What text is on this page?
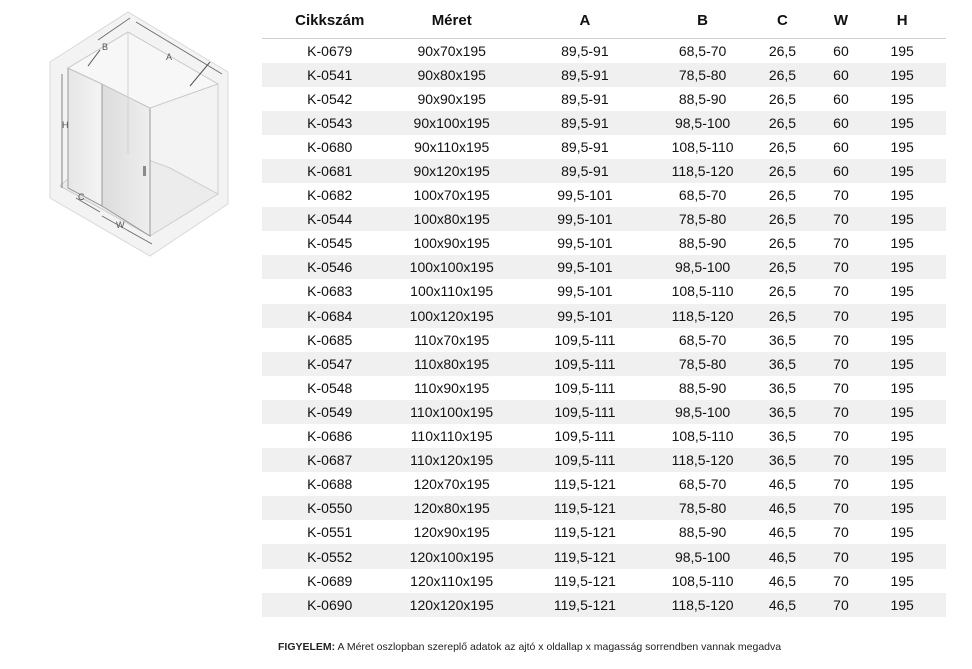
B
A
H
C
W
Cikkszám	Méret	A	B	C	W	H
K-0679	90x70x195	89,5-91	68,5-70	26,5	60	195
K-0541	90x80x195	89,5-91	78,5-80	26,5	60	195
K-0542	90x90x195	89,5-91	88,5-90	26,5	60	195
K-0543	90x100x195	89,5-91	98,5-100	26,5	60	195
K-0680	90x110x195	89,5-91	108,5-110	26,5	60	195
K-0681	90x120x195	89,5-91	118,5-120	26,5	60	195
K-0682	100x70x195	99,5-101	68,5-70	26,5	70	195
K-0544	100x80x195	99,5-101	78,5-80	26,5	70	195
K-0545	100x90x195	99,5-101	88,5-90	26,5	70	195
K-0546	100x100x195	99,5-101	98,5-100	26,5	70	195
K-0683	100x110x195	99,5-101	108,5-110	26,5	70	195
K-0684	100x120x195	99,5-101	118,5-120	26,5	70	195
K-0685	110x70x195	109,5-111	68,5-70	36,5	70	195
K-0547	110x80x195	109,5-111	78,5-80	36,5	70	195
K-0548	110x90x195	109,5-111	88,5-90	36,5	70	195
K-0549	110x100x195	109,5-111	98,5-100	36,5	70	195
K-0686	110x110x195	109,5-111	108,5-110	36,5	70	195
K-0687	110x120x195	109,5-111	118,5-120	36,5	70	195
K-0688	120x70x195	119,5-121	68,5-70	46,5	70	195
K-0550	120x80x195	119,5-121	78,5-80	46,5	70	195
K-0551	120x90x195	119,5-121	88,5-90	46,5	70	195
K-0552	120x100x195	119,5-121	98,5-100	46,5	70	195
K-0689	120x110x195	119,5-121	108,5-110	46,5	70	195
K-0690	120x120x195	119,5-121	118,5-120	46,5	70	195
FIGYELEM: A Méret oszlopban szereplő adatok az ajtó x oldallap x magasság sorrendben vannak megadva
